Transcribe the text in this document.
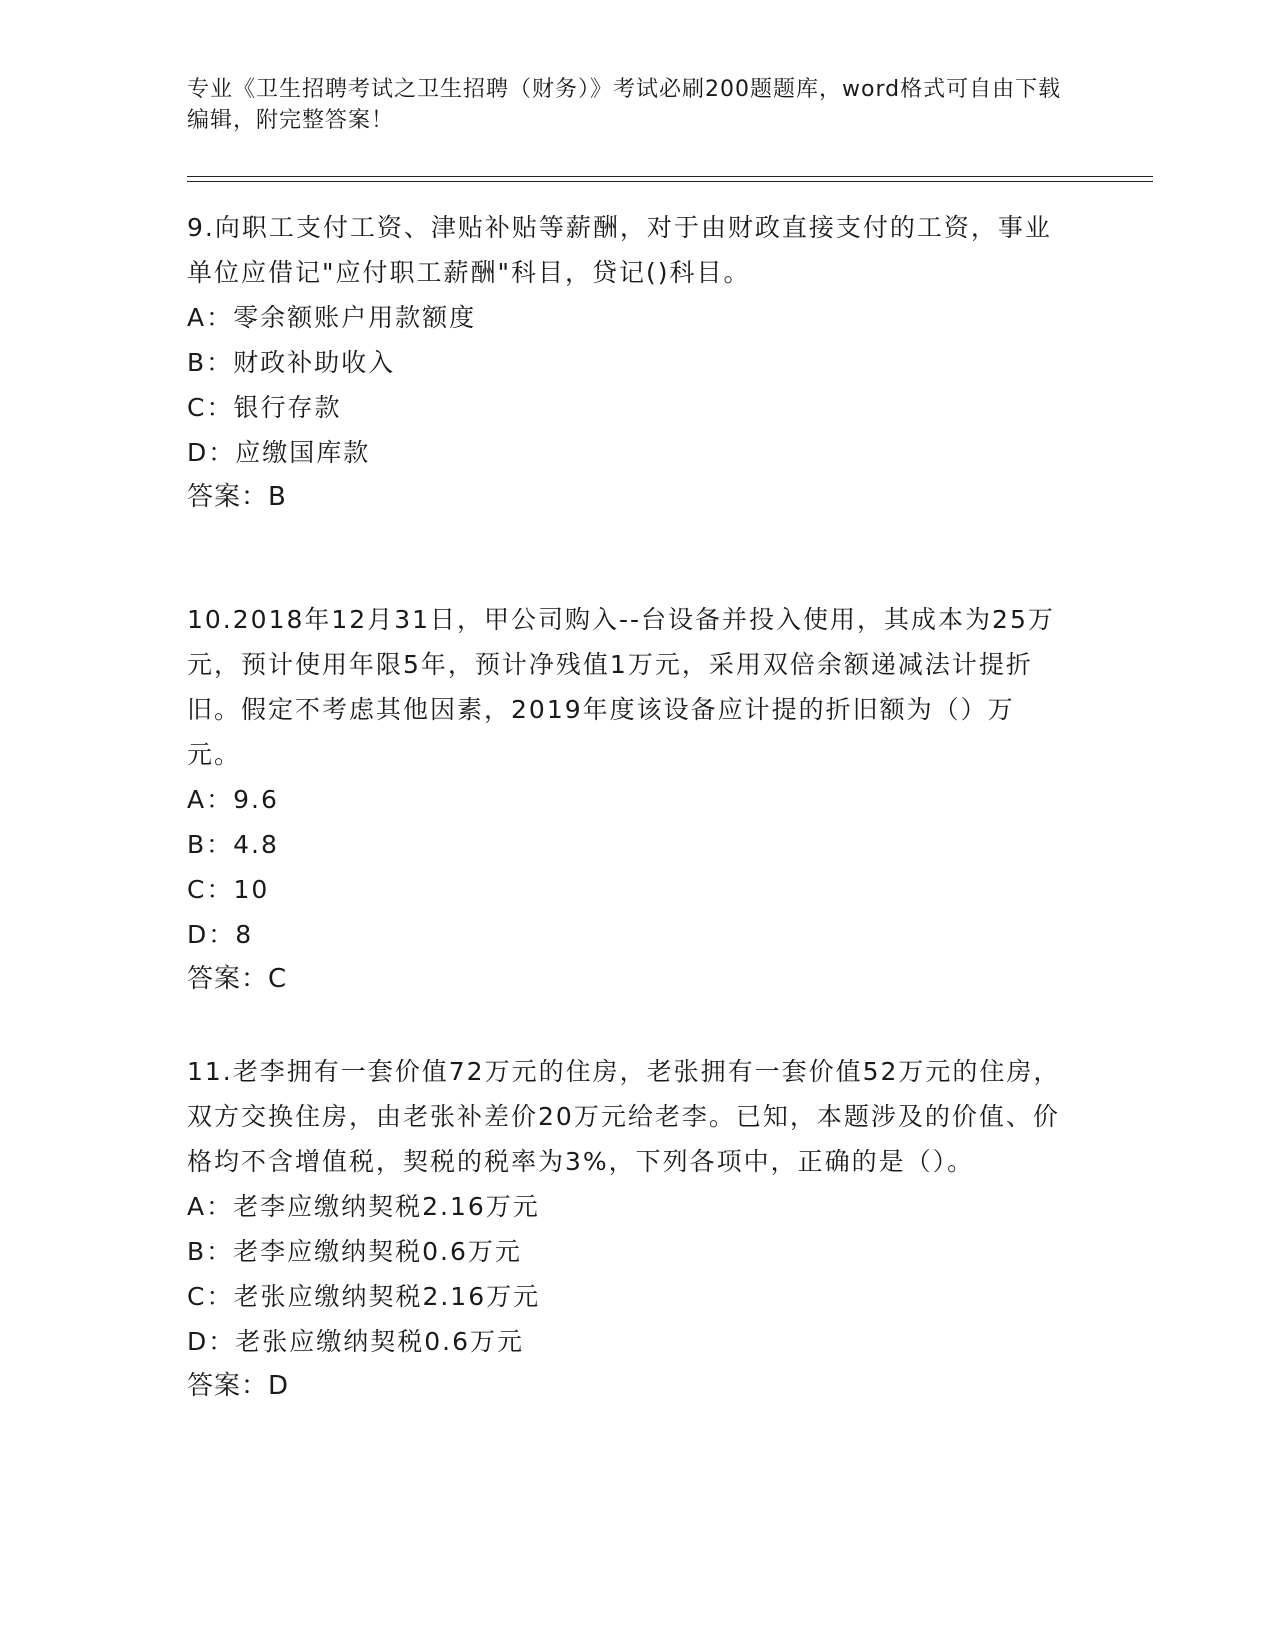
专业《卫生招聘考试之卫生招聘（财务）》考试必刷200题题库，word格式可自由下载编辑，附完整答案！

9.向职工支付工资、津贴补贴等薪酬，对于由财政直接支付的工资，事业单位应借记"应付职工薪酬"科目，贷记()科目。

A：零余额账户用款额度

B：财政补助收入

C：银行存款

D：应缴国库款

答案：B

10.2018年12月31日，甲公司购入--台设备并投入使用，其成本为25万元，预计使用年限5年，预计净残值1万元，采用双倍余额递减法计提折旧。假定不考虑其他因素，2019年度该设备应计提的折旧额为（）万元。

A：9.6

B：4.8

C：10

D：8

答案：C

11.老李拥有一套价值72万元的住房，老张拥有一套价值52万元的住房，双方交换住房，由老张补差价20万元给老李。已知，本题涉及的价值、价格均不含增值税，契税的税率为3%，下列各项中，正确的是（）。

A：老李应缴纳契税2.16万元

B：老李应缴纳契税0.6万元

C：老张应缴纳契税2.16万元

D：老张应缴纳契税0.6万元

答案：D
